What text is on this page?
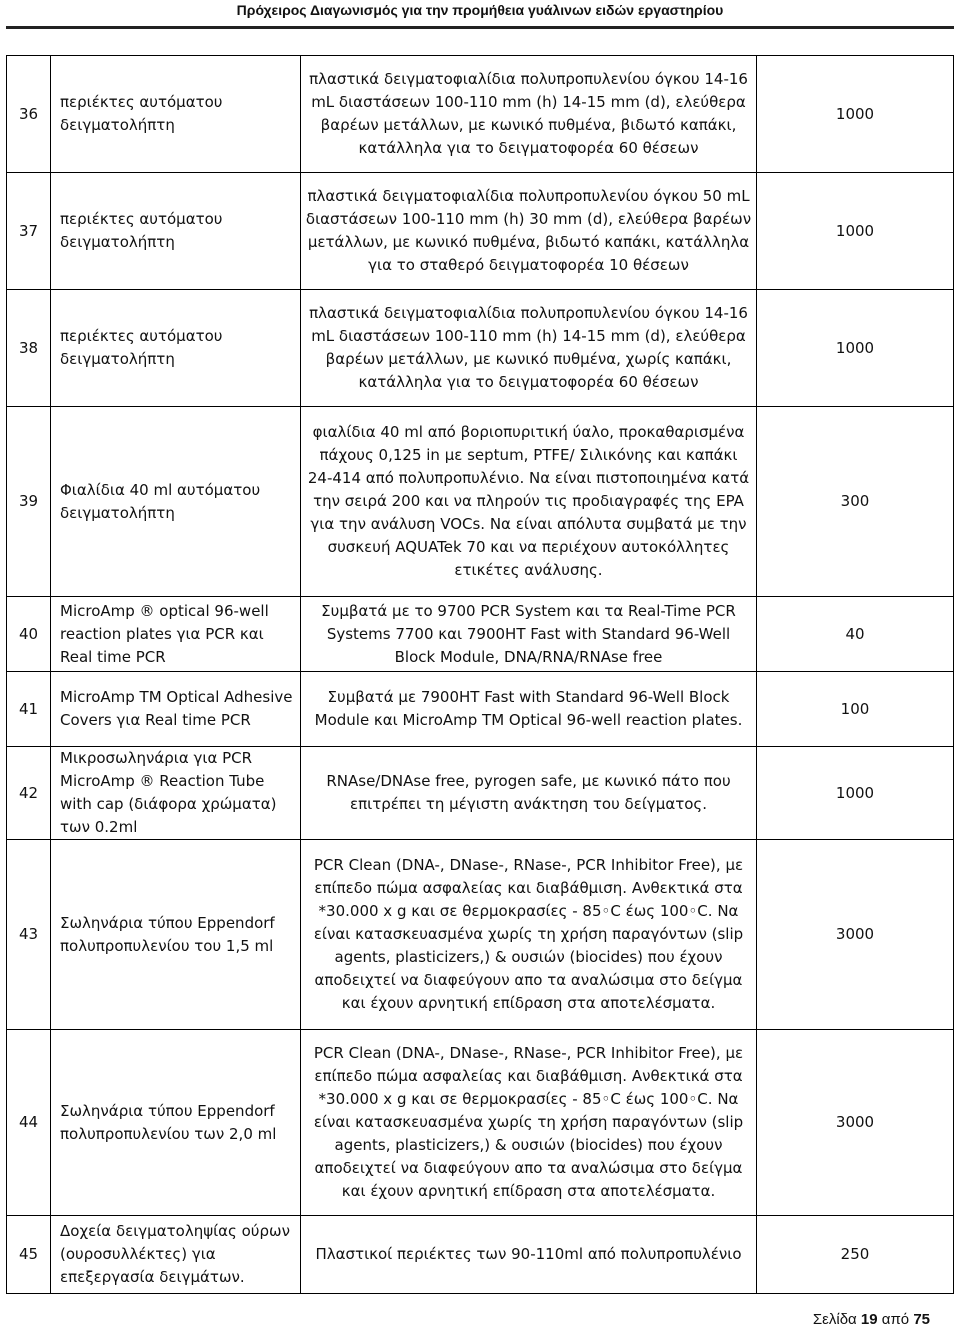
Πρόχειρος Διαγωνισμός για την προμήθεια γυάλινων ειδών εργαστηρίου
36	περιέκτες αυτόματου δειγματολήπτη	πλαστικά δειγματοφιαλίδια πολυπροπυλενίου όγκου 14-16 mL διαστάσεων 100-110 mm (h) 14-15 mm (d), ελεύθερα βαρέων μετάλλων, με κωνικό πυθμένα, βιδωτό καπάκι, κατάλληλα για το δειγματοφορέα 60 θέσεων	1000
37	περιέκτες αυτόματου δειγματολήπτη	πλαστικά δειγματοφιαλίδια πολυπροπυλενίου όγκου 50 mL διαστάσεων 100-110 mm (h) 30 mm (d), ελεύθερα βαρέων μετάλλων, με κωνικό πυθμένα, βιδωτό καπάκι, κατάλληλα για το σταθερό δειγματοφορέα 10 θέσεων	1000
38	περιέκτες αυτόματου δειγματολήπτη	πλαστικά δειγματοφιαλίδια πολυπροπυλενίου όγκου 14-16 mL διαστάσεων 100-110 mm (h) 14-15 mm (d), ελεύθερα βαρέων μετάλλων, με κωνικό πυθμένα, χωρίς καπάκι, κατάλληλα για το δειγματοφορέα 60 θέσεων	1000
39	Φιαλίδια 40 ml αυτόματου δειγματολήπτη	φιαλίδια 40 ml από βοριοπυριτική ύαλο, προκαθαρισμένα πάχους 0,125 in με septum, PTFE/ Σιλικόνης και καπάκι 24-414 από πολυπροπυλένιο. Να είναι πιστοποιημένα κατά την σειρά 200 και να πληρούν τις προδιαγραφές της EPA για την ανάλυση VOCs. Να είναι απόλυτα συμβατά με την συσκευή AQUATek 70 και να περιέχουν αυτοκόλλητες ετικέτες ανάλυσης.	300
40	MicroAmp ® optical 96-well reaction plates για PCR και Real time PCR	Συμβατά με το 9700 PCR System και τα Real-Time PCR Systems 7700 και 7900HT Fast with Standard 96-Well Block Module, DNA/RNA/RNAse free	40
41	MicroAmp TM Optical Adhesive Covers για Real time PCR	Συμβατά με 7900HT Fast with Standard 96-Well Block Module και MicroAmp TM Optical 96-well reaction plates.	100
42	Μικροσωληνάρια για PCR MicroAmp ® Reaction Tube with cap (διάφορα χρώματα) των 0.2ml	RNAse/DNAse free, pyrogen safe, με κωνικό πάτο που επιτρέπει τη μέγιστη ανάκτηση του δείγματος.	1000
43	Σωληνάρια τύπου Eppendorf πολυπροπυλενίου του 1,5 ml	PCR Clean (DNA-, DNase-, RNase-, PCR Inhibitor Free), με επίπεδο πώμα ασφαλείας και διαβάθμιση. Ανθεκτικά στα *30.000 x g και σε θερμοκρασίες - 85◦C έως 100◦C. Να είναι κατασκευασμένα χωρίς τη χρήση παραγόντων (slip agents, plasticizers,) & ουσιών (biocides) που έχουν αποδειχτεί να διαφεύγουν απο τα αναλώσιμα στο δείγμα και έχουν αρνητική επίδραση στα αποτελέσματα.	3000
44	Σωληνάρια τύπου Eppendorf πολυπροπυλενίου των 2,0 ml	PCR Clean (DNA-, DNase-, RNase-, PCR Inhibitor Free), με επίπεδο πώμα ασφαλείας και διαβάθμιση. Ανθεκτικά στα *30.000 x g και σε θερμοκρασίες - 85◦C έως 100◦C. Να είναι κατασκευασμένα χωρίς τη χρήση παραγόντων (slip agents, plasticizers,) & ουσιών (biocides) που έχουν αποδειχτεί να διαφεύγουν απο τα αναλώσιμα στο δείγμα και έχουν αρνητική επίδραση στα αποτελέσματα.	3000
45	Δοχεία δειγματοληψίας ούρων (ουροσυλλέκτες) για επεξεργασία δειγμάτων.	Πλαστικοί περιέκτες των 90-110ml από πολυπροπυλένιο	250
Σελίδα 19 από 75
